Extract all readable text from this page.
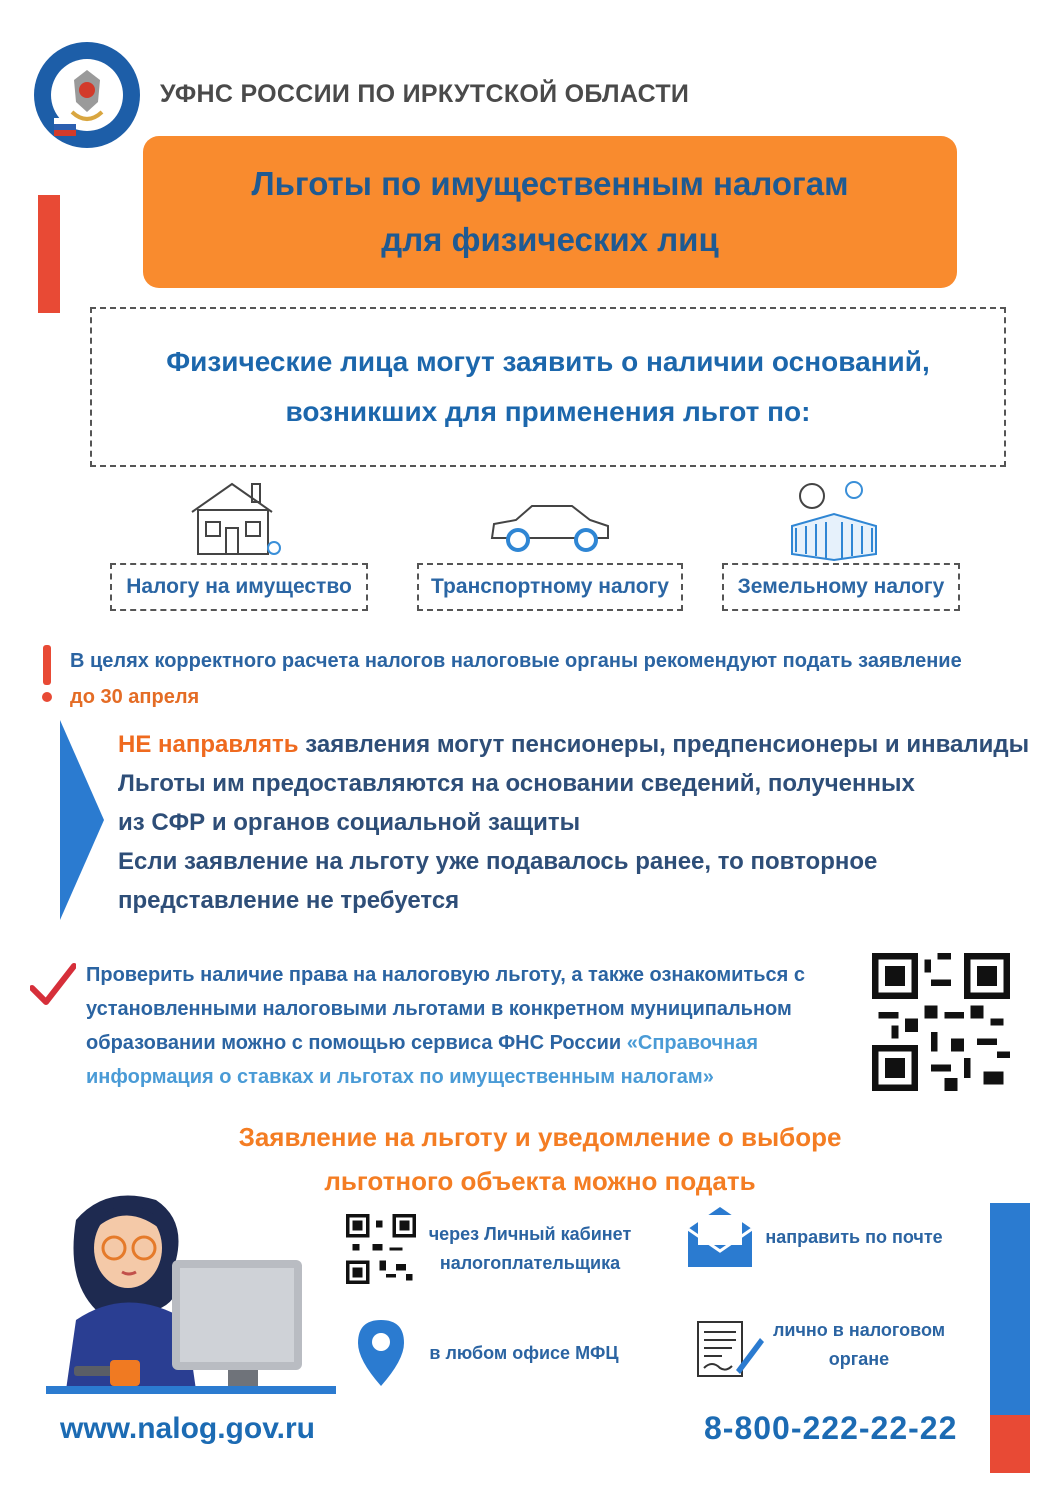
УФНС РОССИИ ПО ИРКУТСКОЙ ОБЛАСТИ
Льготы по имущественным налогам
для физических лиц
Физические лица могут заявить о наличии оснований,
возникших для применения льгот по:
Налогу на имущество	Транспортному налогу	Земельному налогу
В целях корректного расчета налогов налоговые органы рекомендуют подать заявление
до 30 апреля
НЕ направлять заявления могут пенсионеры, предпенсионеры и инвалиды
Льготы им предоставляются на основании сведений, полученных
из СФР и органов социальной защиты
Если заявление на льготу уже подавалось ранее, то повторное
представление не требуется
Проверить наличие права на налоговую льготу, а также ознакомиться с установленными налоговыми льготами в конкретном муниципальном образовании можно с помощью сервиса ФНС России «Справочная информация о ставках и льготах по имущественным налогам»
Заявление на льготу и уведомление о выборе
льготного объекта можно подать
через Личный кабинет
налогоплательщика
направить по почте
в любом офисе МФЦ
лично в налоговом
органе
www.nalog.gov.ru	8-800-222-22-22
